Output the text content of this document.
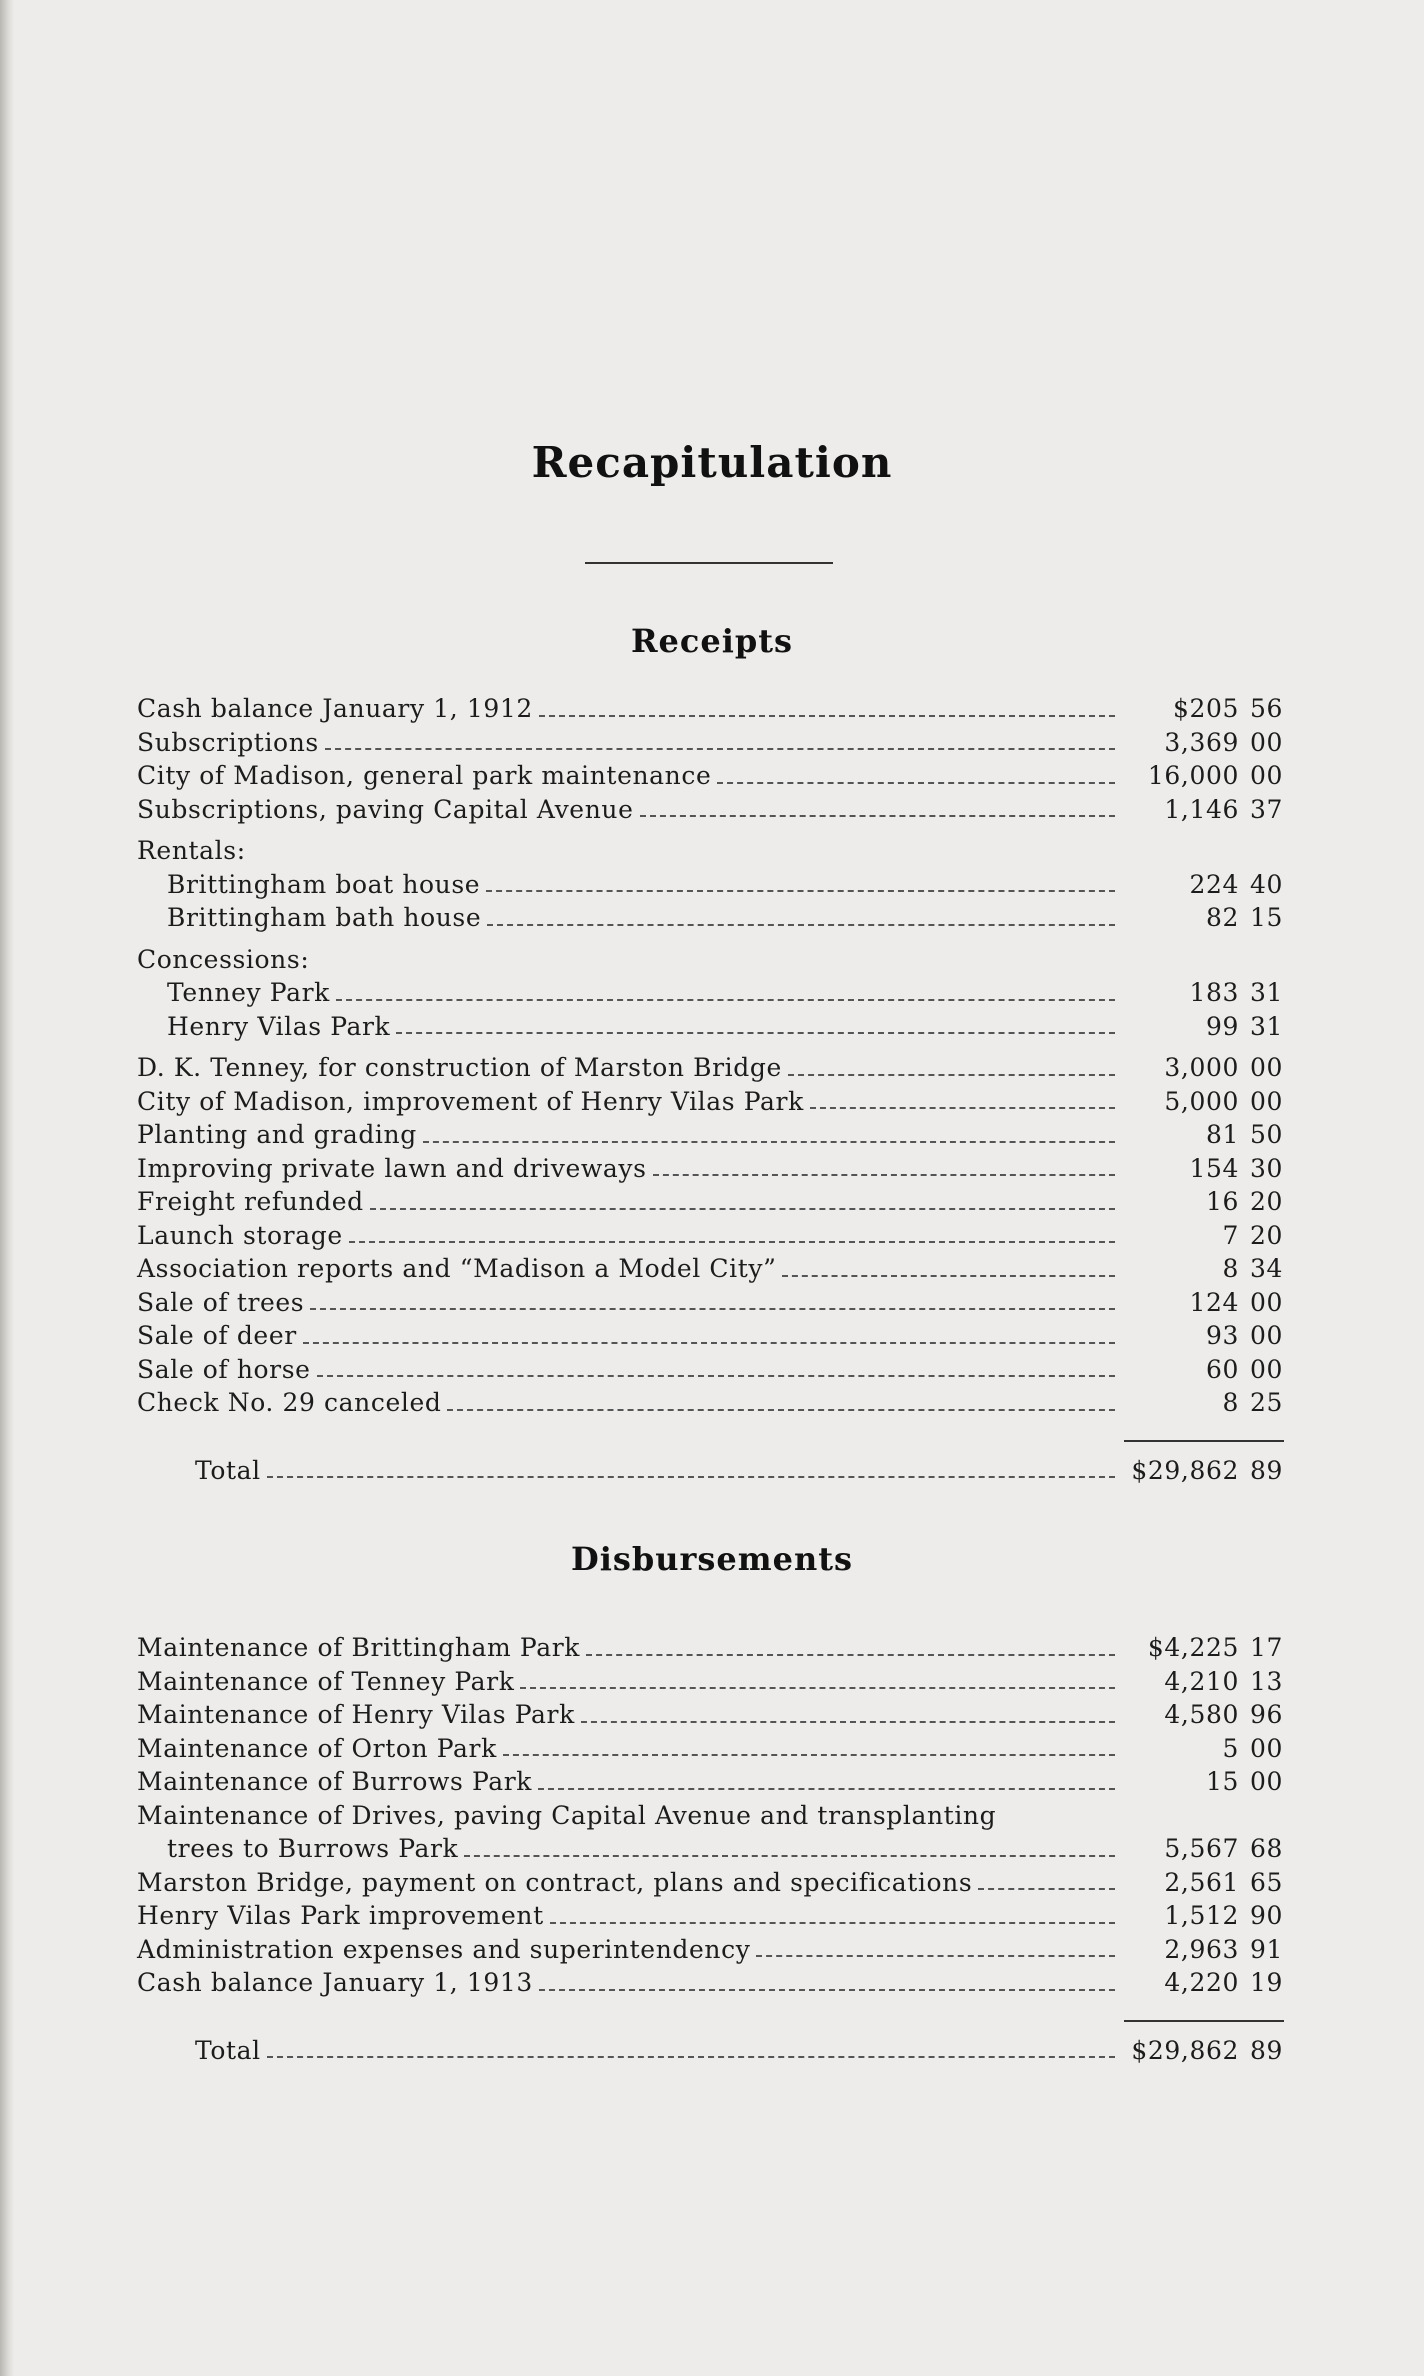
Recapitulation
Receipts
Cash balance January 1, 1912	$205 56
Subscriptions	3,369 00
City of Madison, general park maintenance	16,000 00
Subscriptions, paving Capital Avenue	1,146 37
Rentals:
Brittingham boat house	224 40
Brittingham bath house	82 15
Concessions:
Tenney Park	183 31
Henry Vilas Park	99 31
D. K. Tenney, for construction of Marston Bridge	3,000 00
City of Madison, improvement of Henry Vilas Park	5,000 00
Planting and grading	81 50
Improving private lawn and driveways	154 30
Freight refunded	16 20
Launch storage	7 20
Association reports and “Madison a Model City”	8 34
Sale of trees	124 00
Sale of deer	93 00
Sale of horse	60 00
Check No. 29 canceled	8 25
Total	$29,862 89
Disbursements
Maintenance of Brittingham Park	$4,225 17
Maintenance of Tenney Park	4,210 13
Maintenance of Henry Vilas Park	4,580 96
Maintenance of Orton Park	5 00
Maintenance of Burrows Park	15 00
Maintenance of Drives, paving Capital Avenue and transplanting
trees to Burrows Park	5,567 68
Marston Bridge, payment on contract, plans and specifications	2,561 65
Henry Vilas Park improvement	1,512 90
Administration expenses and superintendency	2,963 91
Cash balance January 1, 1913	4,220 19
Total	$29,862 89
